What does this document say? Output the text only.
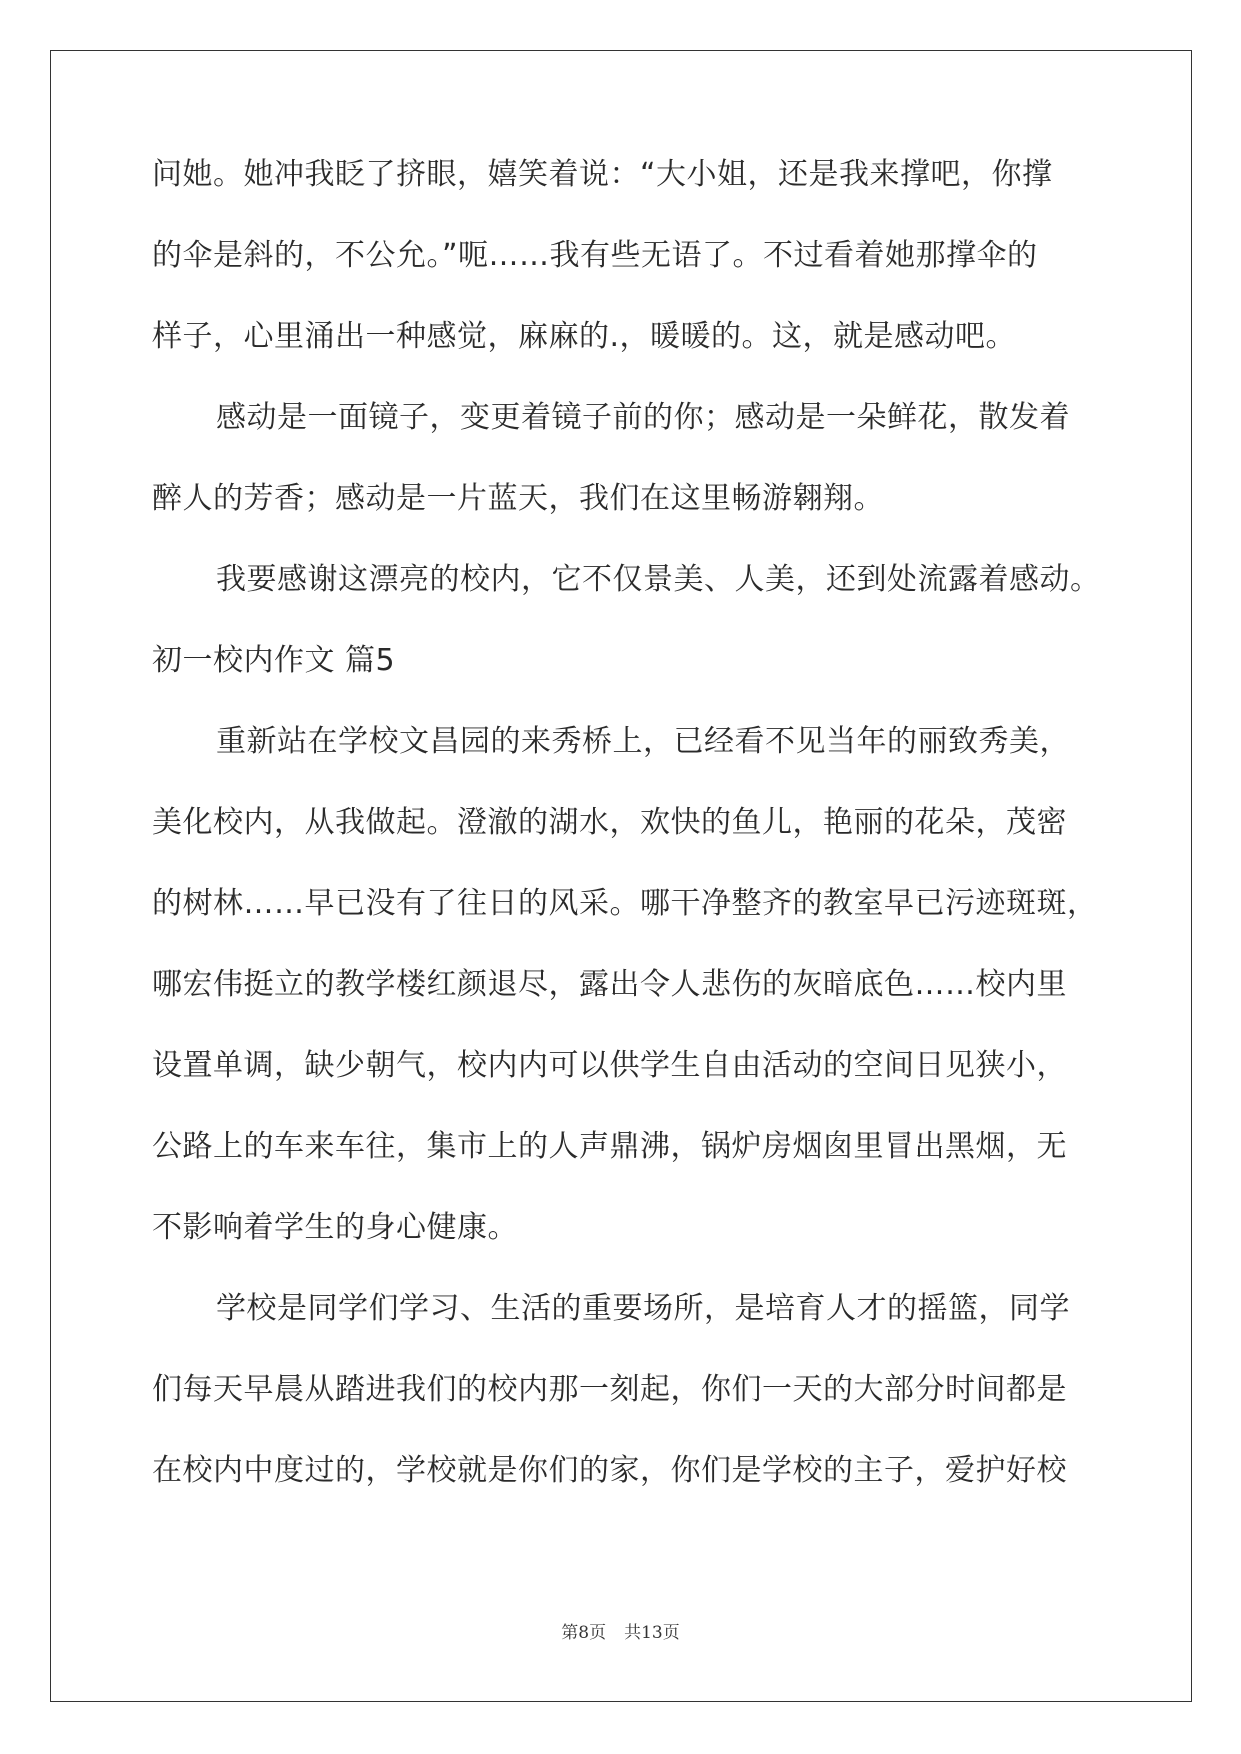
问她。她冲我眨了挤眼，嬉笑着说：“大小姐，还是我来撑吧，你撑
的伞是斜的，不公允。”呃……我有些无语了。不过看着她那撑伞的
样子，心里涌出一种感觉，麻麻的.，暖暖的。这，就是感动吧。
感动是一面镜子，变更着镜子前的你；感动是一朵鲜花，散发着
醉人的芳香；感动是一片蓝天，我们在这里畅游翱翔。
我要感谢这漂亮的校内，它不仅景美、人美，还到处流露着感动。
初一校内作文 篇5
重新站在学校文昌园的来秀桥上，已经看不见当年的丽致秀美，
美化校内，从我做起。澄澈的湖水，欢快的鱼儿，艳丽的花朵，茂密
的树林……早已没有了往日的风采。哪干净整齐的教室早已污迹斑斑，
哪宏伟挺立的教学楼红颜退尽，露出令人悲伤的灰暗底色……校内里
设置单调，缺少朝气，校内内可以供学生自由活动的空间日见狭小，
公路上的车来车往，集市上的人声鼎沸，锅炉房烟囱里冒出黑烟，无
不影响着学生的身心健康。
学校是同学们学习、生活的重要场所，是培育人才的摇篮，同学
们每天早晨从踏进我们的校内那一刻起，你们一天的大部分时间都是
在校内中度过的，学校就是你们的家，你们是学校的主子，爱护好校
第8页 共13页
